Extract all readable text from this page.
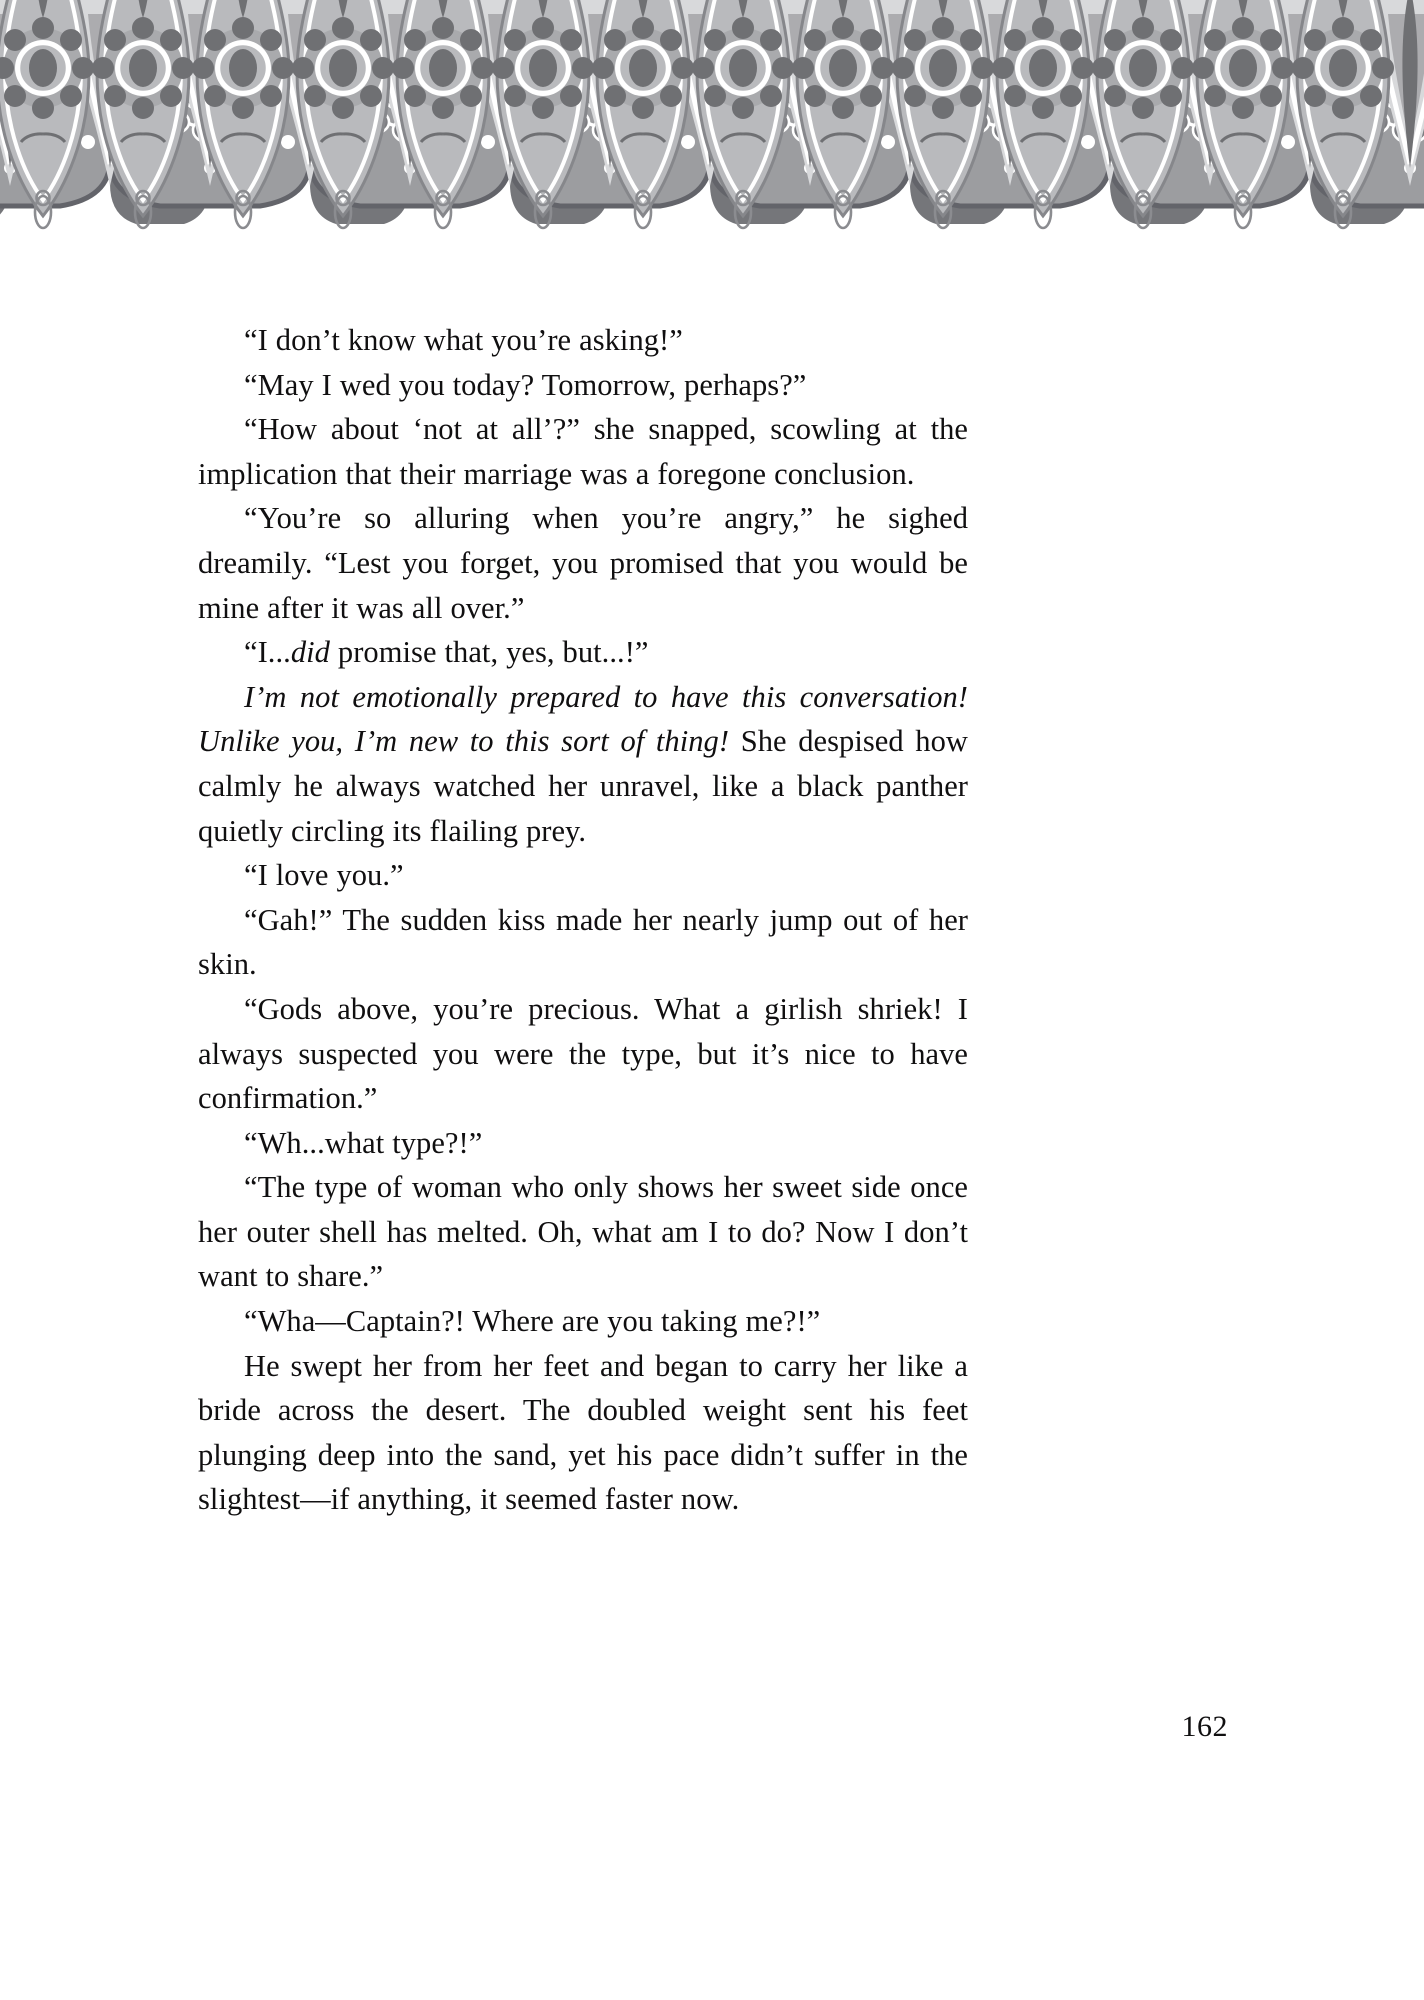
“I don’t know what you’re asking!”

“May I wed you today? Tomorrow, perhaps?”

“How about ‘not at all’?” she snapped, scowling at the implication that their marriage was a foregone conclusion.

“You’re so alluring when you’re angry,” he sighed dreamily. “Lest you forget, you promised that you would be mine after it was all over.”

“I...did promise that, yes, but...!”

I’m not emotionally prepared to have this conversation! Unlike you, I’m new to this sort of thing! She despised how calmly he always watched her unravel, like a black panther quietly circling its flailing prey.

“I love you.”

“Gah!” The sudden kiss made her nearly jump out of her skin.

“Gods above, you’re precious. What a girlish shriek! I always suspected you were the type, but it’s nice to have confirmation.”

“Wh...what type?!”

“The type of woman who only shows her sweet side once her outer shell has melted. Oh, what am I to do? Now I don’t want to share.”

“Wha—Captain?! Where are you taking me?!”

He swept her from her feet and began to carry her like a bride across the desert. The doubled weight sent his feet plunging deep into the sand, yet his pace didn’t suffer in the slightest—if anything, it seemed faster now.

162
